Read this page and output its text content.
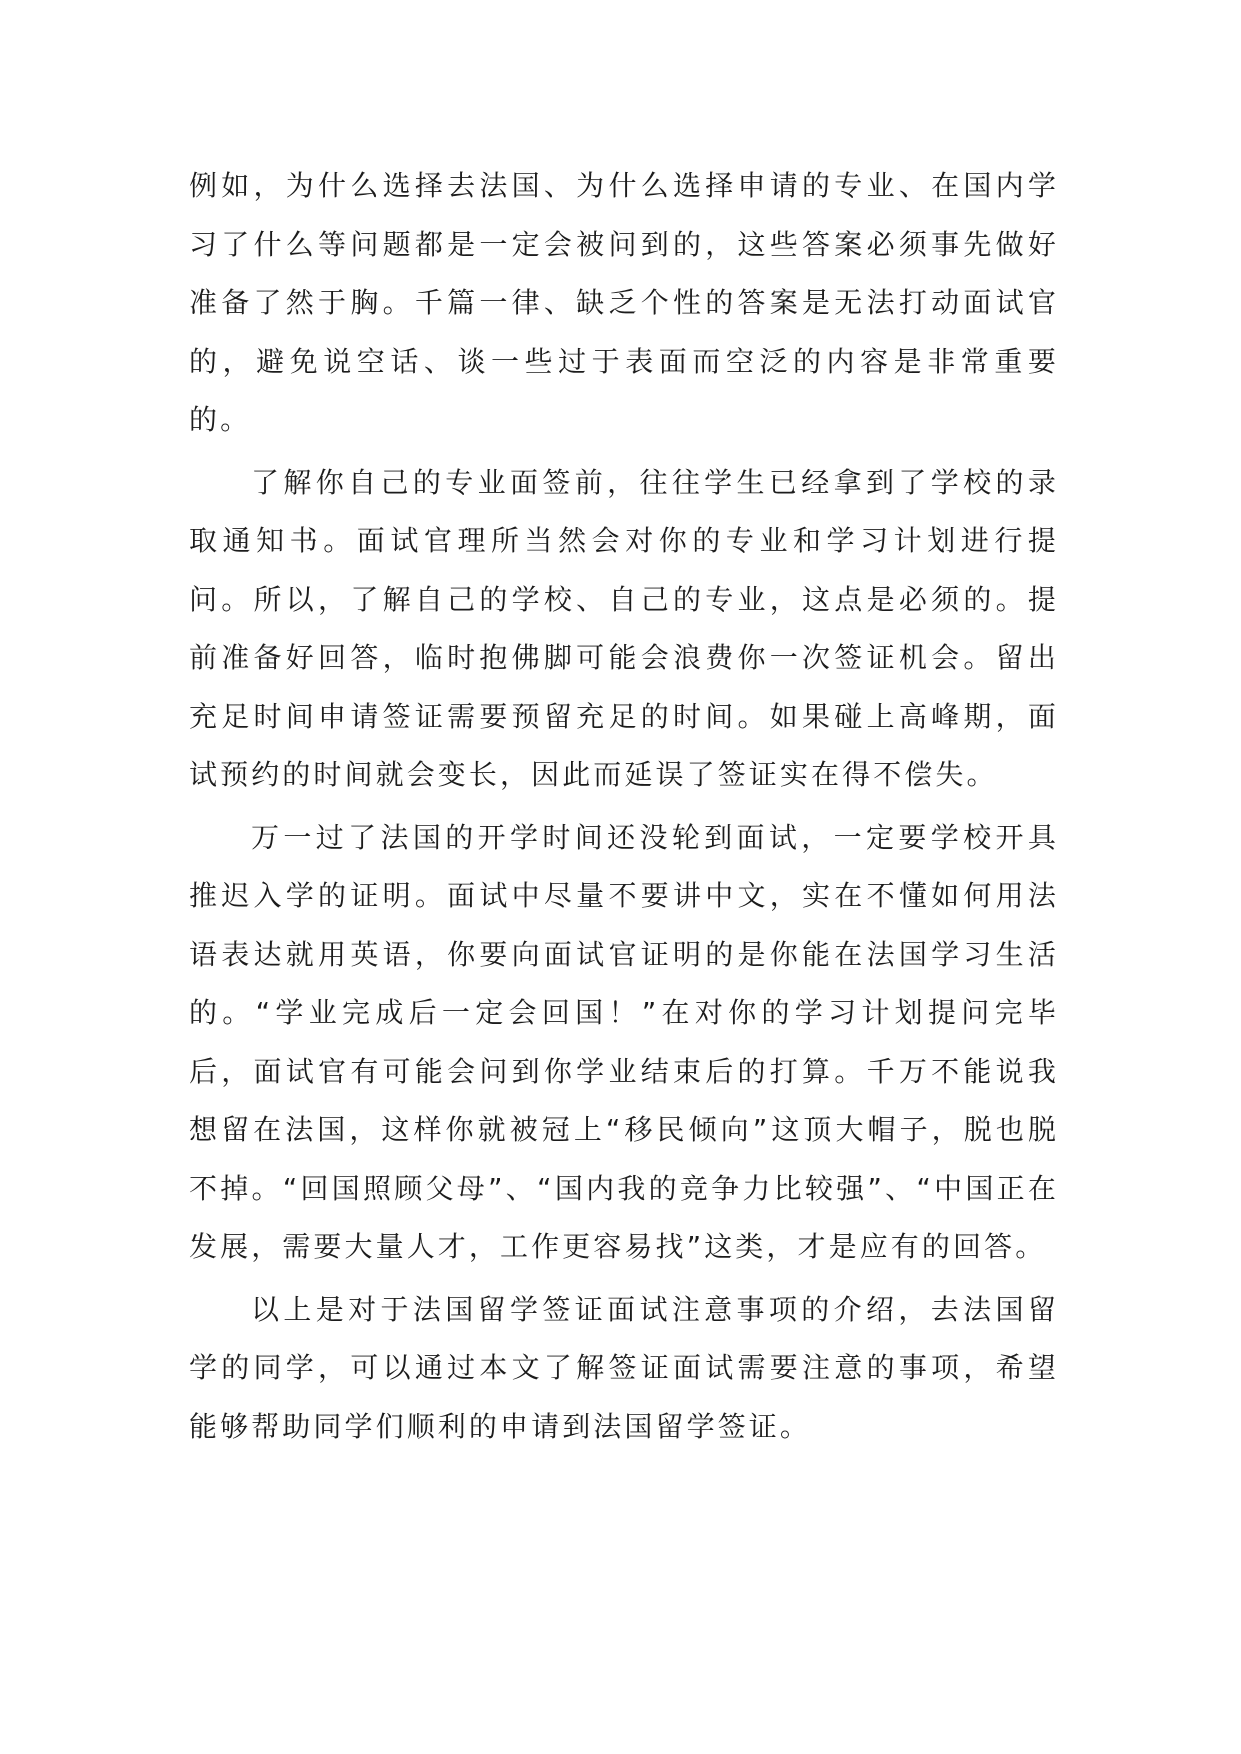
例如，为什么选择去法国、为什么选择申请的专业、在国内学习了什么等问题都是一定会被问到的，这些答案必须事先做好准备了然于胸。千篇一律、缺乏个性的答案是无法打动面试官的，避免说空话、谈一些过于表面而空泛的内容是非常重要的。

了解你自己的专业面签前，往往学生已经拿到了学校的录取通知书。面试官理所当然会对你的专业和学习计划进行提问。所以，了解自己的学校、自己的专业，这点是必须的。提前准备好回答，临时抱佛脚可能会浪费你一次签证机会。留出充足时间申请签证需要预留充足的时间。如果碰上高峰期，面试预约的时间就会变长，因此而延误了签证实在得不偿失。

万一过了法国的开学时间还没轮到面试，一定要学校开具推迟入学的证明。面试中尽量不要讲中文，实在不懂如何用法语表达就用英语，你要向面试官证明的是你能在法国学习生活的。“学业完成后一定会回国！”在对你的学习计划提问完毕后，面试官有可能会问到你学业结束后的打算。千万不能说我想留在法国，这样你就被冠上“移民倾向”这顶大帽子，脱也脱不掉。“回国照顾父母”、“国内我的竞争力比较强”、“中国正在发展，需要大量人才，工作更容易找”这类，才是应有的回答。

以上是对于法国留学签证面试注意事项的介绍，去法国留学的同学，可以通过本文了解签证面试需要注意的事项，希望能够帮助同学们顺利的申请到法国留学签证。
